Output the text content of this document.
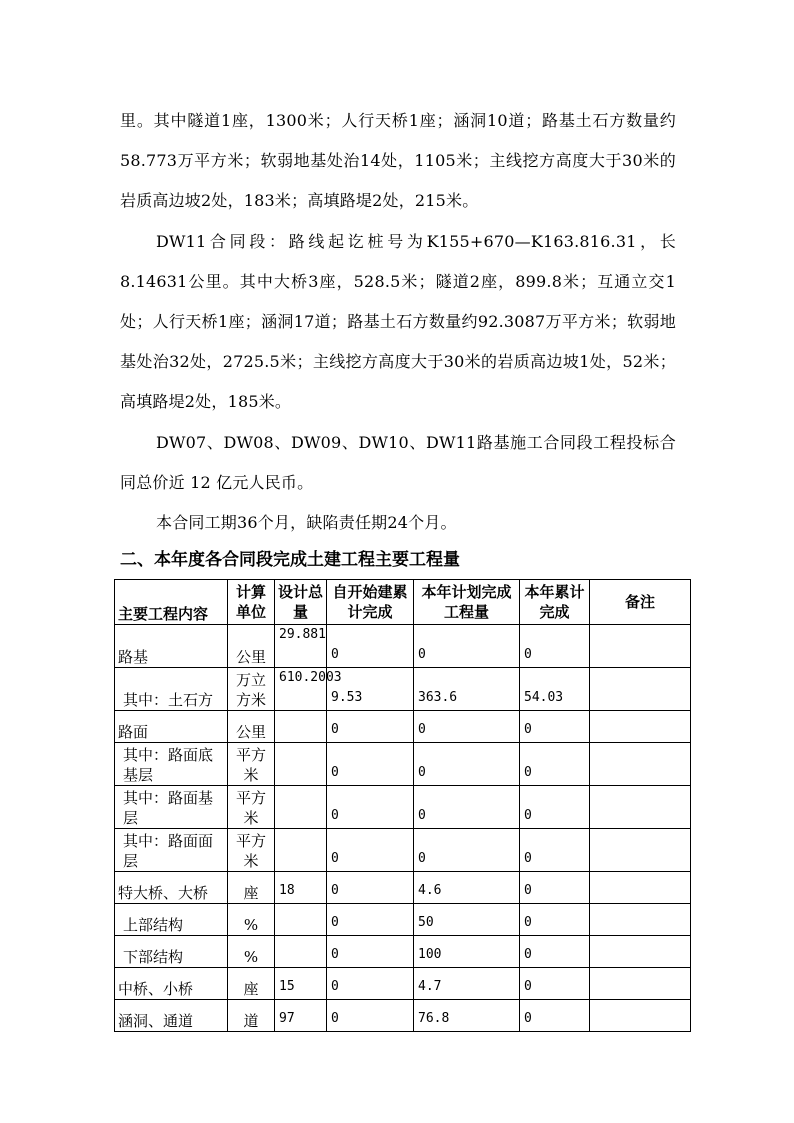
里。其中隧道1座，1300米；人行天桥1座；涵洞10道；路基土石方数量约58.773万平方米；软弱地基处治14处，1105米；主线挖方高度大于30米的岩质高边坡2处，183米；高填路堤2处，215米。

DW11合同段：路线起讫桩号为K155+670—K163.816.31，长8.14631公里。其中大桥3座，528.5米；隧道2座，899.8米；互通立交1处；人行天桥1座；涵洞17道；路基土石方数量约92.3087万平方米；软弱地基处治32处，2725.5米；主线挖方高度大于30米的岩质高边坡1处，52米；高填路堤2处，185米。

DW07、DW08、DW09、DW10、DW11路基施工合同段工程投标合同总价近 12 亿元人民币。

本合同工期36个月，缺陷责任期24个月。

二、本年度各合同段完成土建工程主要工程量
主要工程内容	计算单位	设计总量	自开始建累计完成	本年计划完成工程量	本年累计完成	备注
路基	公里	29.881	0	0	0	
其中：土石方	万立方米	610.2003	9.53	363.6	54.03	
路面	公里		0	0	0	
其中：路面底基层	平方米		0	0	0	
其中：路面基层	平方米		0	0	0	
其中：路面面层	平方米		0	0	0	
特大桥、大桥	座	18	0	4.6	0	
上部结构	%		0	50	0	
下部结构	%		0	100	0	
中桥、小桥	座	15	0	4.7	0	
涵洞、通道	道	97	0	76.8	0	
